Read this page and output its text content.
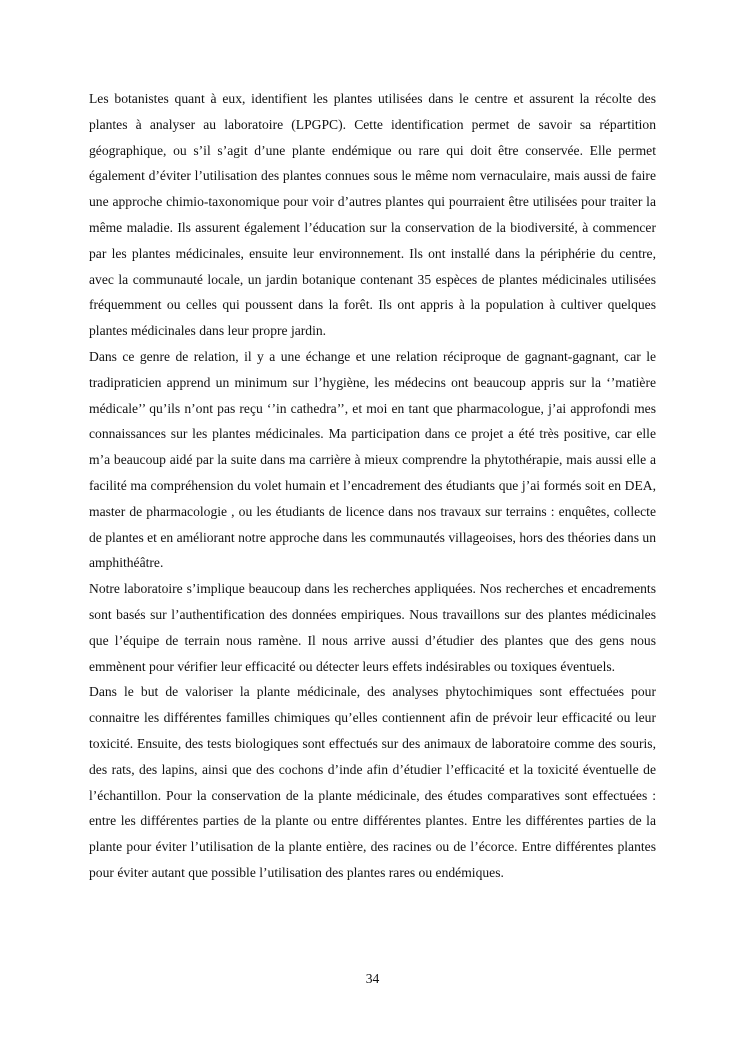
Les botanistes quant à eux, identifient les plantes utilisées dans le centre et assurent la récolte des plantes à analyser au laboratoire (LPGPC). Cette identification permet de savoir sa répartition géographique, ou s’il s’agit d’une plante endémique ou rare qui doit être conservée. Elle permet également d’éviter l’utilisation des plantes connues sous le même nom vernaculaire, mais aussi de faire une approche chimio-taxonomique pour voir d’autres plantes qui pourraient être utilisées pour traiter la même maladie. Ils assurent également l’éducation sur la conservation de la biodiversité, à commencer par les plantes médicinales, ensuite leur environnement. Ils ont installé dans la périphérie du centre, avec la communauté locale, un jardin botanique contenant 35 espèces de plantes médicinales utilisées fréquemment ou celles qui poussent dans la forêt. Ils ont appris à la population à cultiver quelques plantes médicinales dans leur propre jardin.

Dans ce genre de relation, il y a une échange et une relation réciproque de gagnant-gagnant, car le tradipraticien apprend un minimum sur l’hygiène, les médecins ont beaucoup appris sur la ‘’matière médicale’’ qu’ils n’ont pas reçu ‘’in cathedra’’, et moi en tant que pharmacologue, j’ai approfondi mes connaissances sur les plantes médicinales. Ma participation dans ce projet a été très positive, car elle m’a beaucoup aidé par la suite dans ma carrière à mieux comprendre la phytothérapie, mais aussi elle a facilité ma compréhension du volet humain et l’encadrement des étudiants que j’ai formés soit en DEA, master de pharmacologie , ou les étudiants de licence dans nos travaux sur terrains : enquêtes, collecte de plantes et en améliorant notre approche dans les communautés villageoises, hors des théories dans un amphithéâtre.

Notre laboratoire s’implique beaucoup dans les recherches appliquées. Nos recherches et encadrements sont basés sur l’authentification des données empiriques. Nous travaillons sur des plantes médicinales que l’équipe de terrain nous ramène. Il nous arrive aussi d’étudier des plantes que des gens nous emmènent pour vérifier leur efficacité ou détecter leurs effets indésirables ou toxiques éventuels.

Dans le but de valoriser la plante médicinale, des analyses phytochimiques sont effectuées pour connaitre les différentes familles chimiques qu’elles contiennent afin de prévoir leur efficacité ou leur toxicité. Ensuite, des tests biologiques sont effectués sur des animaux de laboratoire comme des souris, des rats, des lapins, ainsi que des cochons d’inde afin d’étudier l’efficacité et la toxicité éventuelle de l’échantillon. Pour la conservation de la plante médicinale, des études comparatives sont effectuées : entre les différentes parties de la plante ou entre différentes plantes. Entre les différentes parties de la plante pour éviter l’utilisation de la plante entière, des racines ou de l’écorce. Entre différentes plantes pour éviter autant que possible l’utilisation des plantes rares ou endémiques.

34
